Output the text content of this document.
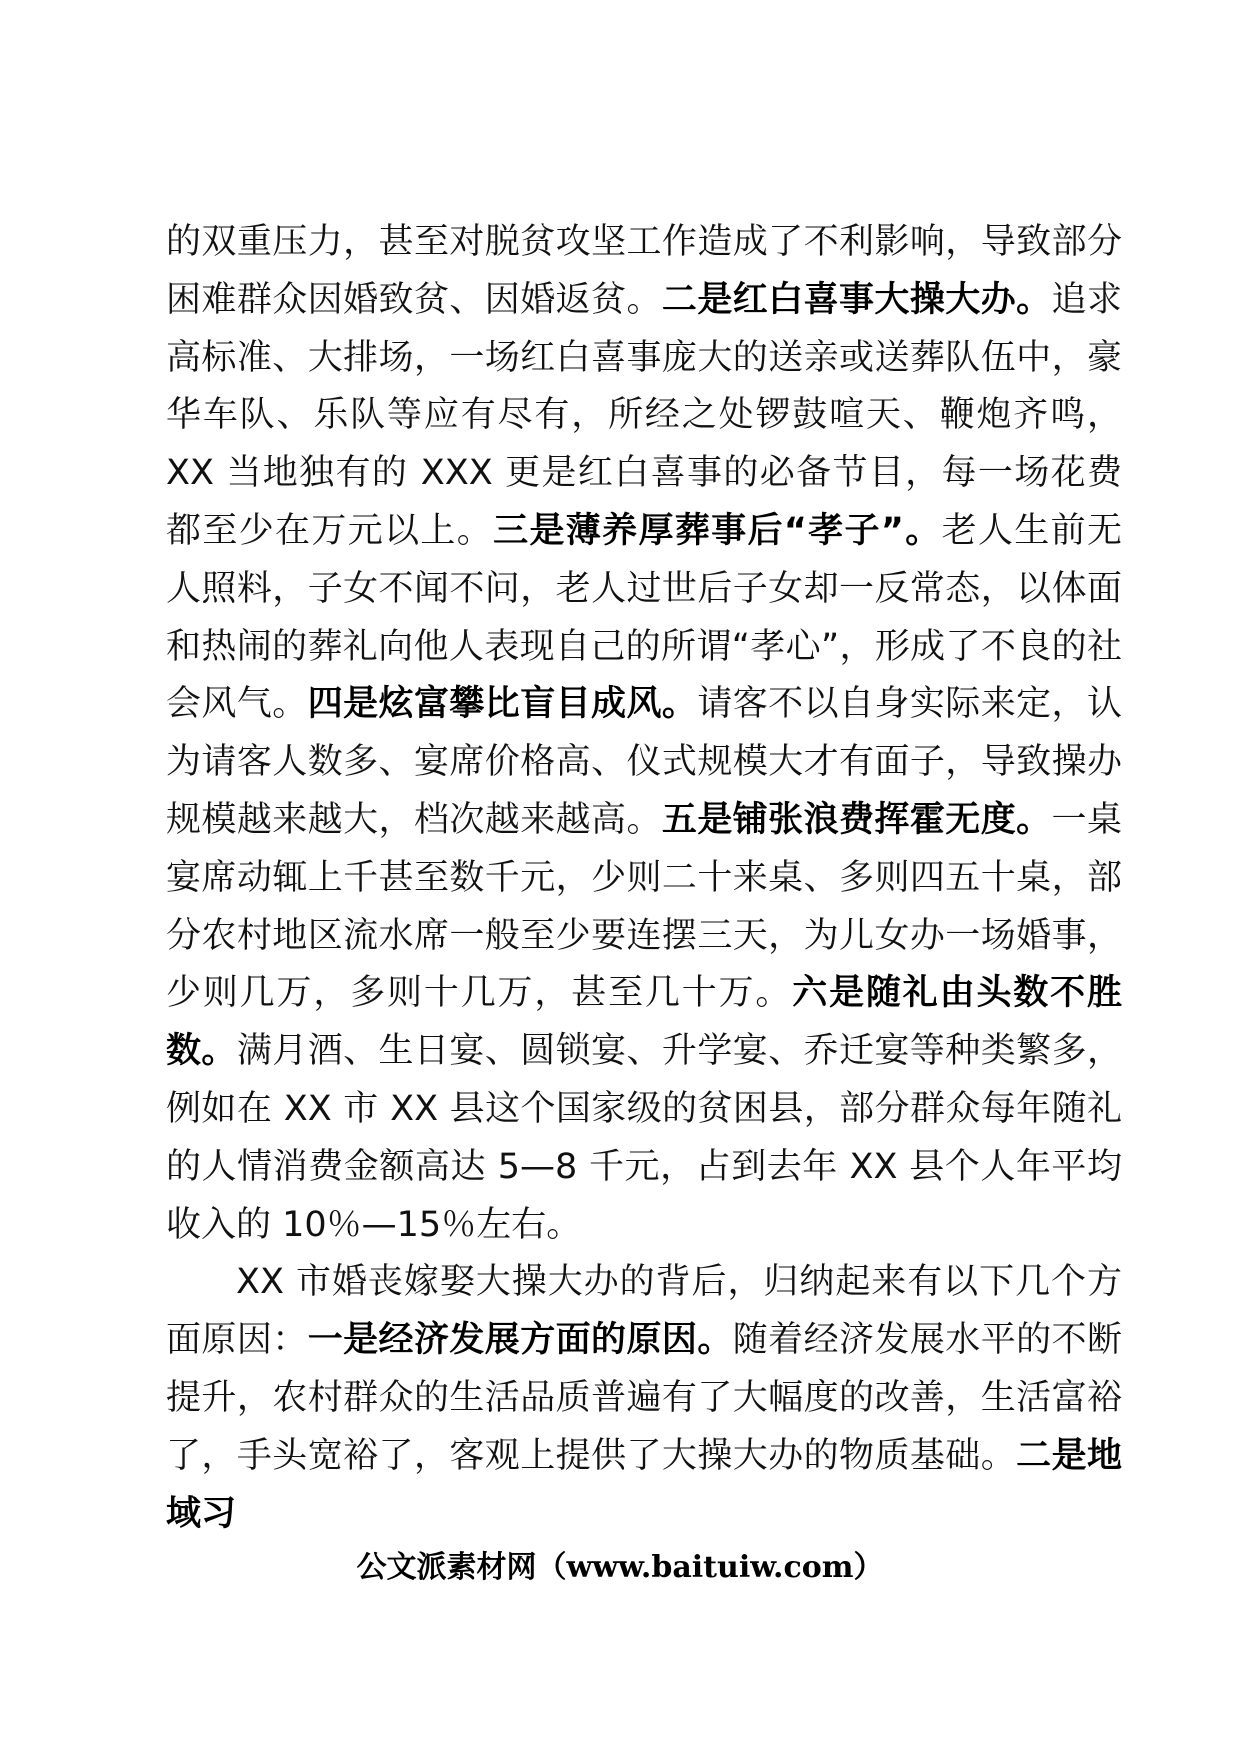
的双重压力，甚至对脱贫攻坚工作造成了不利影响，导致部分困难群众因婚致贫、因婚返贫。二是红白喜事大操大办。追求高标准、大排场，一场红白喜事庞大的送亲或送葬队伍中，豪华车队、乐队等应有尽有，所经之处锣鼓喧天、鞭炮齐鸣，XX 当地独有的 XXX 更是红白喜事的必备节目，每一场花费都至少在万元以上。三是薄养厚葬事后“孝子”。老人生前无人照料，子女不闻不问，老人过世后子女却一反常态，以体面和热闹的葬礼向他人表现自己的所谓“孝心”，形成了不良的社会风气。四是炫富攀比盲目成风。请客不以自身实际来定，认为请客人数多、宴席价格高、仪式规模大才有面子，导致操办规模越来越大，档次越来越高。五是铺张浪费挥霍无度。一桌宴席动辄上千甚至数千元，少则二十来桌、多则四五十桌，部分农村地区流水席一般至少要连摆三天，为儿女办一场婚事，少则几万，多则十几万，甚至几十万。六是随礼由头数不胜数。满月酒、生日宴、圆锁宴、升学宴、乔迁宴等种类繁多，例如在 XX 市 XX 县这个国家级的贫困县，部分群众每年随礼的人情消费金额高达 5—8 千元，占到去年 XX 县个人年平均收入的 10％—15％左右。

XX 市婚丧嫁娶大操大办的背后，归纳起来有以下几个方面原因：一是经济发展方面的原因。随着经济发展水平的不断提升，农村群众的生活品质普遍有了大幅度的改善，生活富裕了，手头宽裕了，客观上提供了大操大办的物质基础。二是地域习

公文派素材网（www.baituiw.com）
